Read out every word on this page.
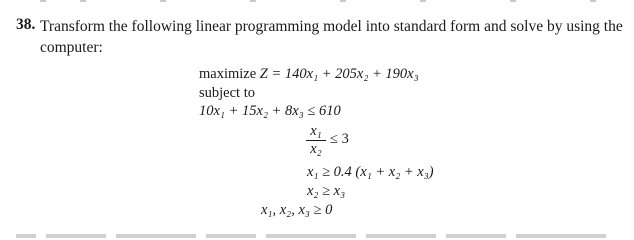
38. Transform the following linear programming model into standard form and solve by using the
computer:
maximize Z = 140x₁ + 205x₂ + 190x₃
subject to
10x₁ + 15x₂ + 8x₃ ≤ 610
x₁
x₂
≤ 3
x₁ ≥ 0.4 (x₁ + x₂ + x₃)
x₂ ≥ x₃
x₁, x₂, x₃ ≥ 0
